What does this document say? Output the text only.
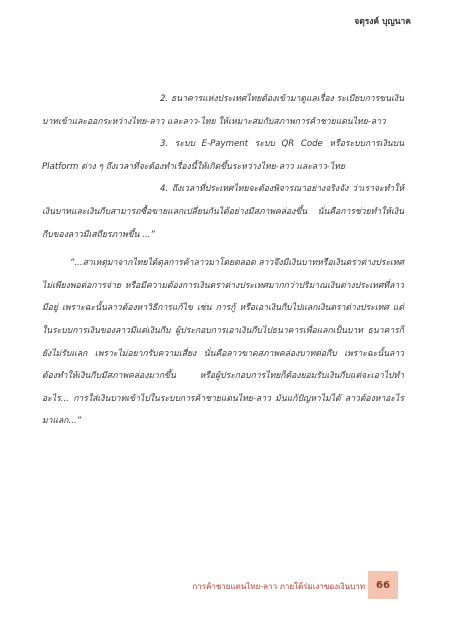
จตุรงค์ บุญนาค

2. ธนาคารแห่งประเทศไทยต้องเข้ามาดูแลเรื่อง ระเบียบการขนเงินบาทเข้าและออกระหว่างไทย-ลาว และลาว-ไทย ให้เหมาะสมกับสภาพการค้าชายแดนไทย-ลาว

3. ระบบ E-Payment ระบบ QR Code หรือระบบการเงินบน Platform ต่าง ๆ ถึงเวลาที่จะต้องทำเรื่องนี้ให้เกิดขึ้นระหว่างไทย-ลาว และลาว-ไทย

4. ถึงเวลาที่ประเทศไทยจะต้องพิจารณาอย่างจริงจัง ว่าเราจะทำให้เงินบาทและเงินกีบสามารถซื้อขายแลกเปลี่ยนกันได้อย่างมีสภาพคล่องขึ้น นั่นคือการช่วยทำให้เงินกีบของลาวมีเสถียรภาพขึ้น ...”

“...สาเหตุมาจากไทยได้ดุลการค้าลาวมาโดยตลอด ลาวจึงมีเงินบาทหรือเงินตราต่างประเทศไม่เพียงพอต่อการจ่าย หรือมีความต้องการเงินตราต่างประเทศมากกว่าปริมาณเงินต่างประเทศที่ลาวมีอยู่ เพราะฉะนั้นลาวต้องหาวิธีการแก้ไข เช่น การกู้ หรือเอาเงินกีบไปแลกเงินตราต่างประเทศ แต่ในระบบการเงินของลาวมีแต่เงินกีบ ผู้ประกอบการเอาเงินกีบไปธนาคารเพื่อแลกเป็นบาท ธนาคารก็ยังไม่รับแลก เพราะไม่อยากรับความเสี่ยง นั่นคือลาวขาดสภาพคล่องบาทต่อกีบ เพราะฉะนั้นลาวต้องทำให้เงินกีบมีสภาพคล่องมากขึ้น หรือผู้ประกอบการไทยก็ต้องยอมรับเงินกีบแต่จะเอาไปทำอะไร... การใส่เงินบาทเข้าไปในระบบการค้าชายแดนไทย-ลาว มันแก้ปัญหาไม่ได้ ลาวต้องหาอะไรมาแลก...”

การค้าชายแดนไทย-ลาว ภายใต้ร่มเงาของเงินบาท 66
